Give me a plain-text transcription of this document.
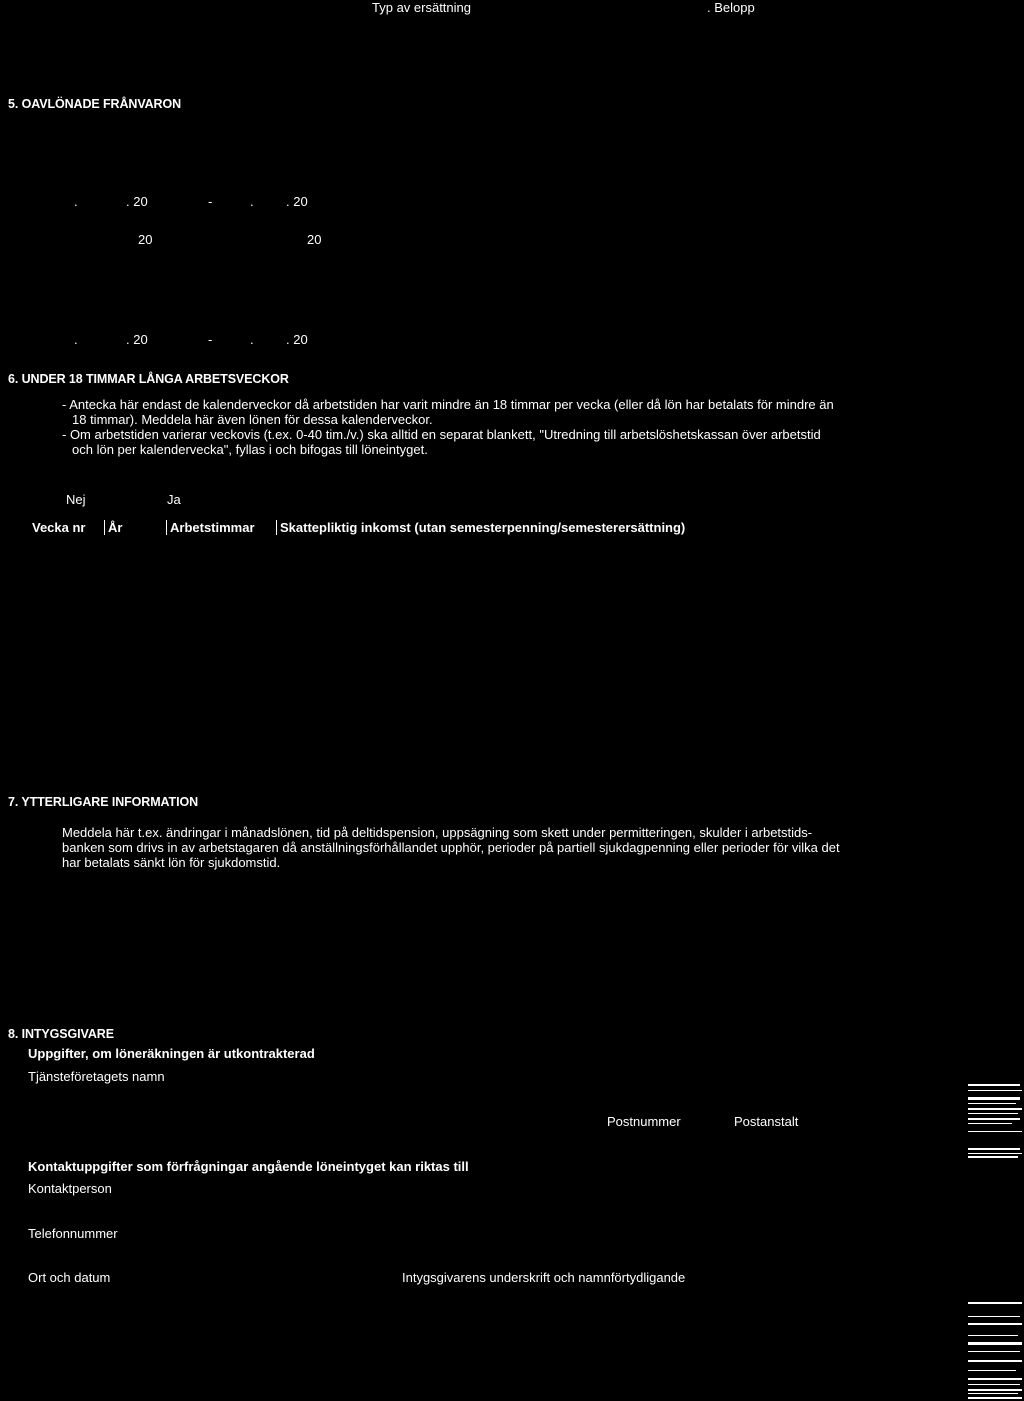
Typ av ersättning	. Belopp
5. OAVLÖNADE FRÅNVARON
.	. 20	-	. . 20
20	20
.	. 20	-	. . 20
6. UNDER 18 TIMMAR LÅNGA ARBETSVECKOR
- Antecka här endast de kalenderveckor då arbetstiden har varit mindre än 18 timmar per vecka (eller då lön har betalats för mindre än
18 timmar). Meddela här även lönen för dessa kalenderveckor.
- Om arbetstiden varierar veckovis (t.ex. 0-40 tim./v.) ska alltid en separat blankett, "Utredning till arbetslöshetskassan över arbetstid
och lön per kalendervecka", fyllas i och bifogas till löneintyget.
Nej	Ja
Vecka nr	År	Arbetstimmar	Skattepliktig inkomst (utan semesterpenning/semesterersättning)
7. YTTERLIGARE INFORMATION
Meddela här t.ex. ändringar i månadslönen, tid på deltidspension, uppsägning som skett under permitteringen, skulder i arbetstids-
banken som drivs in av arbetstagaren då anställningsförhållandet upphör, perioder på partiell sjukdagpenning eller perioder för vilka det
har betalats sänkt lön för sjukdomstid.
8. INTYGSGIVARE
Uppgifter, om löneräkningen är utkontrakterad
Tjänsteföretagets namn
Postnummer	Postanstalt
Kontaktuppgifter som förfrågningar angående löneintyget kan riktas till
Kontaktperson
Telefonnummer
Ort och datum	Intygsgivarens underskrift och namnförtydligande
